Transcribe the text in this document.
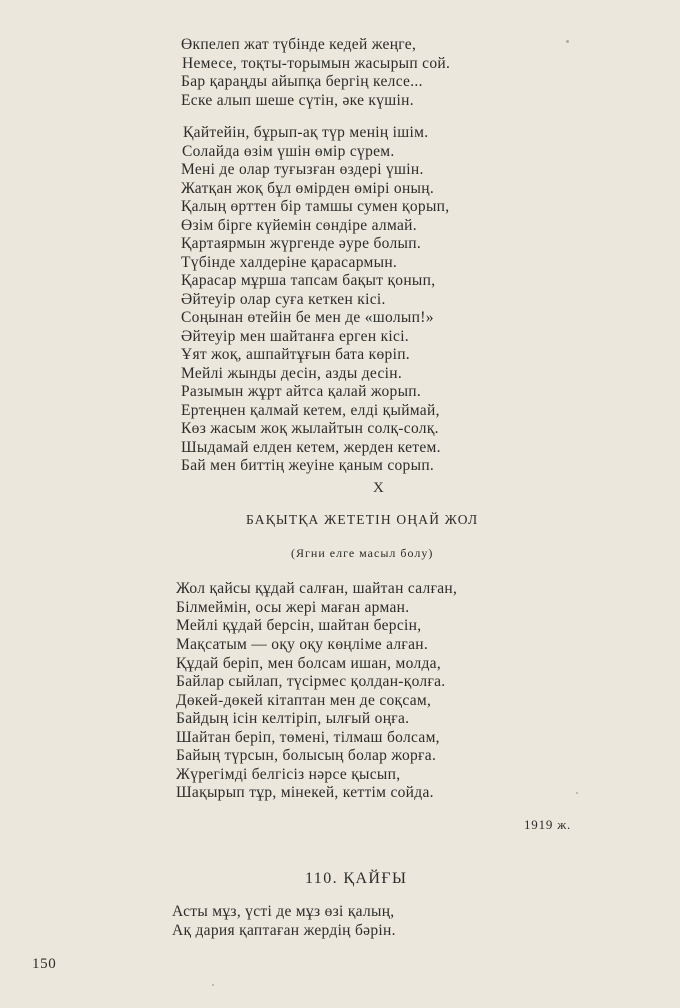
Өкпелеп жат түбінде кедей жеңге,
Немесе, тоқты-торымын жасырып сой.
Бар қараңды айыпқа бергің келсе...
Еске алып шеше сүтін, әке күшін.
Қайтейін, бұрып-ақ түр менің ішім.
Солайда өзім үшін өмір сүрем.
Мені де олар туғызған өздері үшін.
Жатқан жоқ бұл өмірден өмірі оның.
Қалың өрттен бір тамшы сумен қорып,
Өзім бірге күйемін сөндіре алмай.
Қартаярмын жүргенде әуре болып.
Түбінде халдеріне қарасармын.
Қарасар мұрша тапсам бақыт қонып,
Әйтеуір олар суға кеткен кісі.
Соңынан өтейін бе мен де «шолып!»
Әйтеуір мен шайтанға ерген кісі.
Ұят жоқ, ашпайтұғын бата көріп.
Мейлі жынды десін, азды десін.
Разымын жұрт айтса қалай жорып.
Ертеңнен қалмай кетем, елді қыймай,
Көз жасым жоқ жылайтын солқ-солқ.
Шыдамай елден кетем, жерден кетем.
Бай мен биттің жеуіне қаным сорып.
X
БАҚЫТҚА ЖЕТЕТІН ОҢАЙ ЖОЛ
(Ягни елге масыл болу)
Жол қайсы құдай салған, шайтан салған,
Білмеймін, осы жері маған арман.
Мейлі құдай берсін, шайтан берсін,
Мақсатым — оқу оқу көңліме алған.
Құдай беріп, мен болсам ишан, молда,
Байлар сыйлап, түсірмес қолдан-қолға.
Дөкей-дөкей кітаптан мен де соқсам,
Байдың ісін келтіріп, ылғый оңға.
Шайтан беріп, төмені, тілмаш болсам,
Байың түрсын, болысың болар жорға.
Жүрегімді белгісіз нәрсе қысып,
Шақырып тұр, мінекей, кеттім сойда.
1919 ж.
110. ҚАЙҒЫ
Асты мұз, үсті де мұз өзі қалың,
Ақ дария қаптаған жердің бәрін.
150
